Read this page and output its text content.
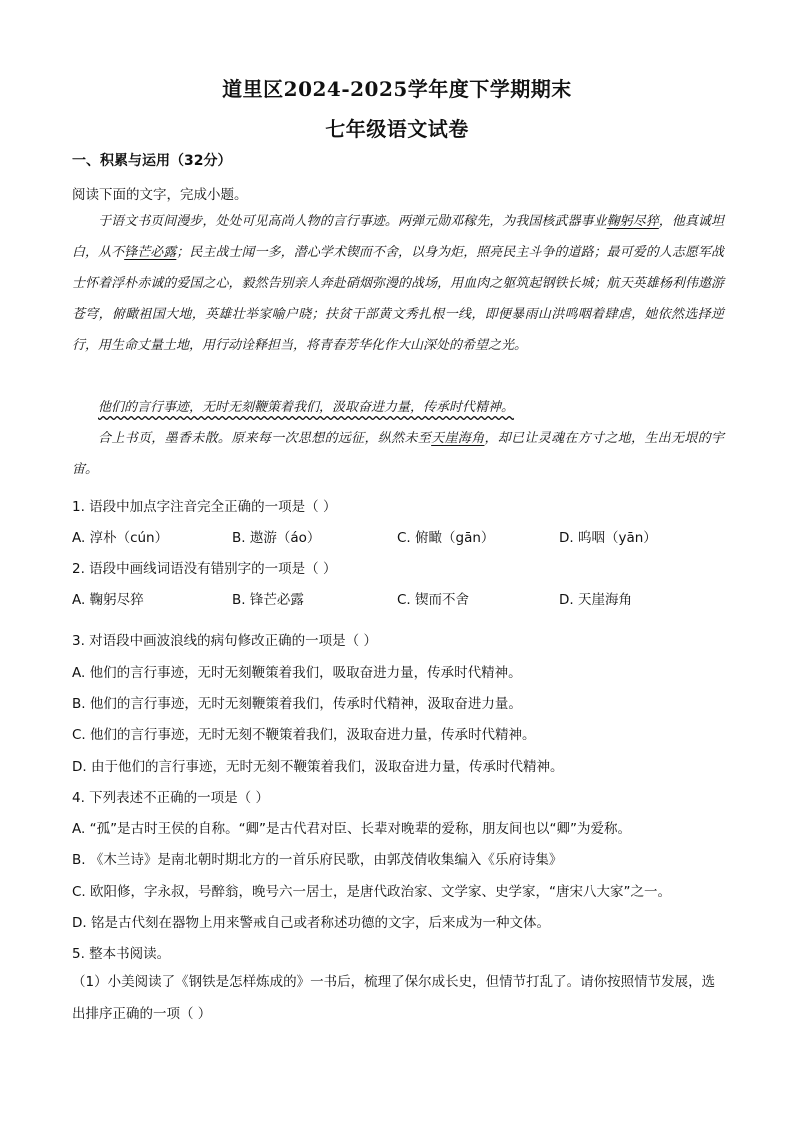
道里区2024-2025学年度下学期期末
七年级语文试卷
一、积累与运用（32分）
阅读下面的文字，完成小题。
于语文书页间漫步，处处可见高尚人物的言行事迹。两弹元勋邓稼先，为我国核武器事业鞠躬尽猝，他真诚坦白，从不锋芒必露；民主战士闻一多，潜心学术锲而不舍，以身为炬，照亮民主斗争的道路；最可爱的人志愿军战士怀着浮朴赤诚的爱国之心，毅然告别亲人奔赴硝烟弥漫的战场，用血肉之躯筑起钢铁长城；航天英雄杨利伟遨游苍穹，俯瞰祖国大地，英雄壮举家喻户晓；扶贫干部黄文秀扎根一线，即便暴雨山洪鸣咽着肆虐，她依然选择逆行，用生命丈量土地，用行动诠释担当，将青春芳华化作大山深处的希望之光。
他们的言行事迹，无时无刻鞭策着我们，汲取奋进力量，传承时代精神。
合上书页，墨香未散。原来每一次思想的远征，纵然未至天崖海角，却已让灵魂在方寸之地，生出无垠的宇宙。
1. 语段中加点字注音完全正确的一项是（ ）
A. 淳朴（cún）	B. 遨游（áo）	C. 俯瞰（gān）	D. 呜咽（yān）
2. 语段中画线词语没有错别字的一项是（ ）
A. 鞠躬尽猝	B. 锋芒必露	C. 锲而不舍	D. 天崖海角
3. 对语段中画波浪线的病句修改正确的一项是（ ）
A. 他们的言行事迹，无时无刻鞭策着我们，吸取奋进力量，传承时代精神。
B. 他们的言行事迹，无时无刻鞭策着我们，传承时代精神，汲取奋进力量。
C. 他们的言行事迹，无时无刻不鞭策着我们，汲取奋进力量，传承时代精神。
D. 由于他们的言行事迹，无时无刻不鞭策着我们，汲取奋进力量，传承时代精神。
4. 下列表述不正确的一项是（ ）
A. “孤”是古时王侯的自称。“卿”是古代君对臣、长辈对晚辈的爱称，朋友间也以“卿”为爱称。
B. 《木兰诗》是南北朝时期北方的一首乐府民歌，由郭茂倩收集编入《乐府诗集》
C. 欧阳修，字永叔，号醉翁，晚号六一居士，是唐代政治家、文学家、史学家，“唐宋八大家”之一。
D. 铭是古代刻在器物上用来警戒自己或者称述功德的文字，后来成为一种文体。
5. 整本书阅读。
（1）小美阅读了《钢铁是怎样炼成的》一书后，梳理了保尔成长史，但情节打乱了。请你按照情节发展，选出排序正确的一项（ ）
